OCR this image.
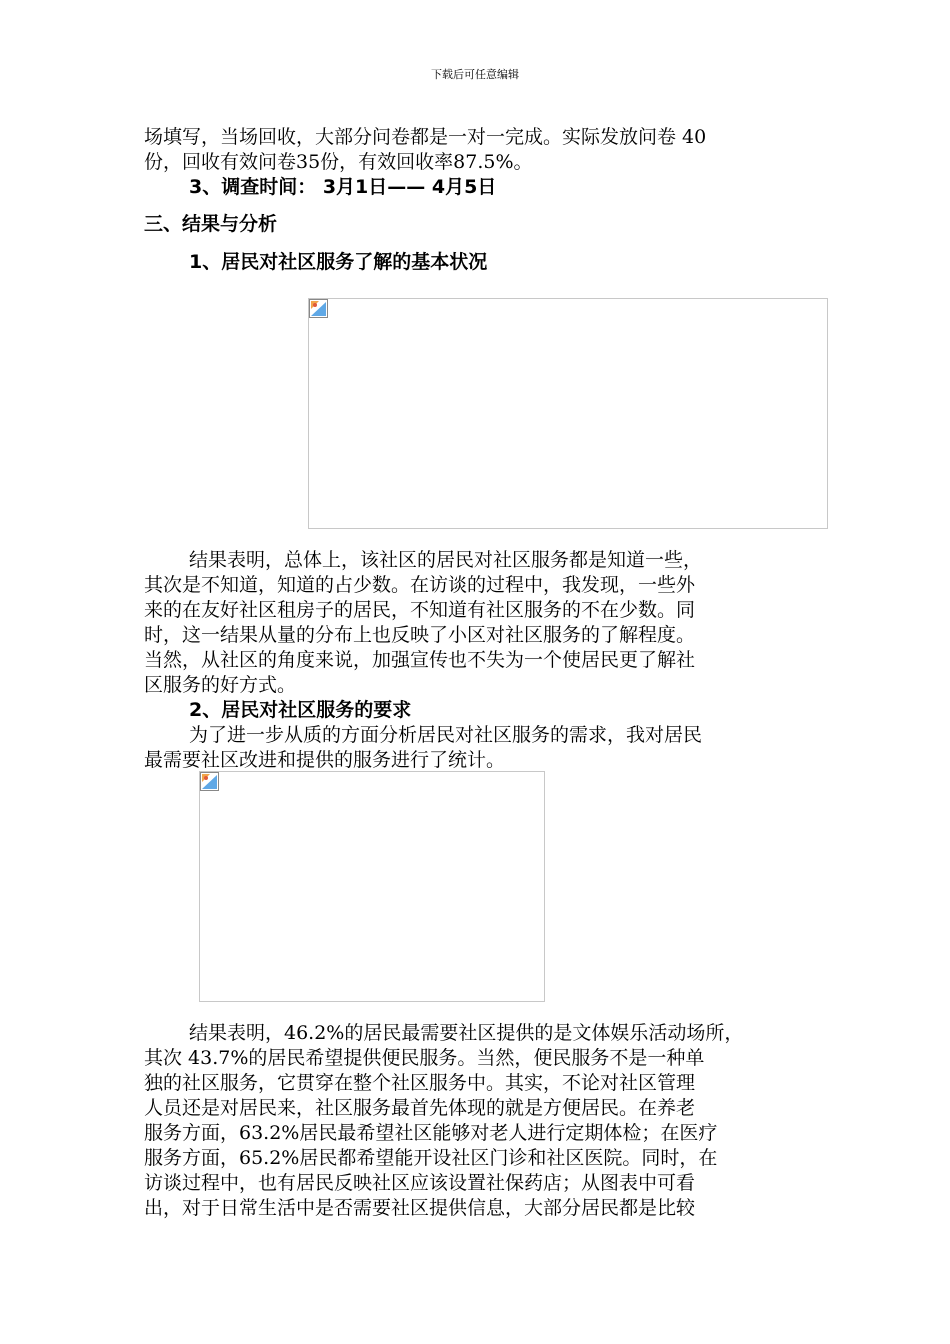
下载后可任意编辑
场填写，当场回收，大部分问卷都是一对一完成。实际发放问卷 40
份，回收有效问卷35份，有效回收率87.5%。
3、调查时间： 3月1日—— 4月5日
三、结果与分析
1、居民对社区服务了解的基本状况
结果表明，总体上，该社区的居民对社区服务都是知道一些，
其次是不知道，知道的占少数。在访谈的过程中，我发现，一些外
来的在友好社区租房子的居民，不知道有社区服务的不在少数。同
时，这一结果从量的分布上也反映了小区对社区服务的了解程度。
当然，从社区的角度来说，加强宣传也不失为一个使居民更了解社
区服务的好方式。
2、居民对社区服务的要求
为了进一步从质的方面分析居民对社区服务的需求，我对居民
最需要社区改进和提供的服务进行了统计。
结果表明，46.2%的居民最需要社区提供的是文体娱乐活动场所，
其次 43.7%的居民希望提供便民服务。当然，便民服务不是一种单
独的社区服务，它贯穿在整个社区服务中。其实，不论对社区管理
人员还是对居民来，社区服务最首先体现的就是方便居民。在养老
服务方面，63.2%居民最希望社区能够对老人进行定期体检；在医疗
服务方面，65.2%居民都希望能开设社区门诊和社区医院。同时，在
访谈过程中，也有居民反映社区应该设置社保药店；从图表中可看
出，对于日常生活中是否需要社区提供信息，大部分居民都是比较
